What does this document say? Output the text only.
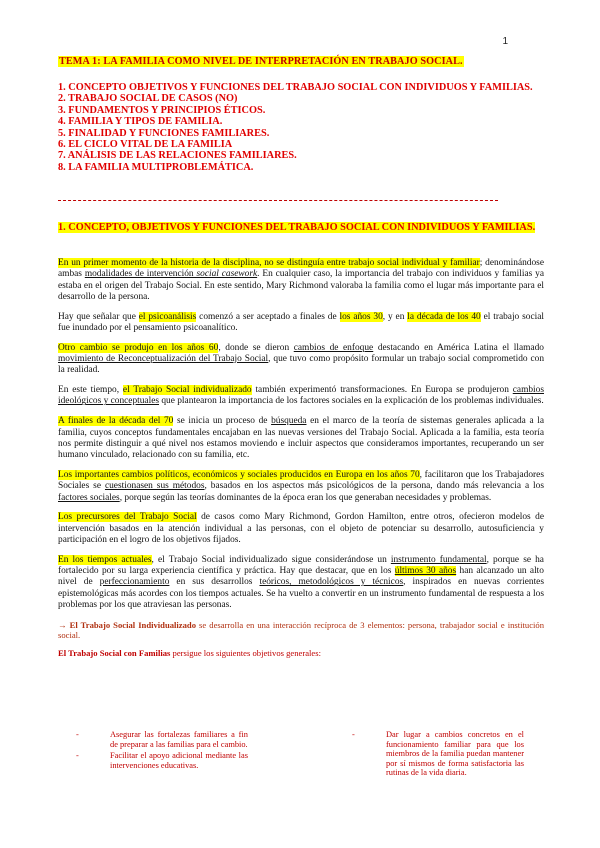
1
TEMA 1: LA FAMILIA COMO NIVEL DE INTERPRETACIÓN EN TRABAJO SOCIAL.
1. CONCEPTO OBJETIVOS Y FUNCIONES DEL TRABAJO SOCIAL CON INDIVIDUOS Y FAMILIAS.
2. TRABAJO SOCIAL DE CASOS (NO)
3. FUNDAMENTOS Y PRINCIPIOS ÉTICOS.
4. FAMILIA Y TIPOS DE FAMILIA.
5. FINALIDAD Y FUNCIONES FAMILIARES.
6. EL CICLO VITAL DE LA FAMILIA
7. ANÁLISIS DE LAS RELACIONES FAMILIARES.
8. LA FAMILIA MULTIPROBLEMÁTICA.
1. CONCEPTO, OBJETIVOS Y FUNCIONES DEL TRABAJO SOCIAL CON INDIVIDUOS Y FAMILIAS.

En un primer momento de la historia de la disciplina, no se distinguía entre trabajo social individual y familiar; denominándose ambas modalidades de intervención social casework. En cualquier caso, la importancia del trabajo con individuos y familias ya estaba en el origen del Trabajo Social. En este sentido, Mary Richmond valoraba la familia como el lugar más importante para el desarrollo de la persona.

Hay que señalar que el psicoanálisis comenzó a ser aceptado a finales de los años 30, y en la década de los 40 el trabajo social fue inundado por el pensamiento psicoanalítico.

Otro cambio se produjo en los años 60, donde se dieron cambios de enfoque destacando en América Latina el llamado movimiento de Reconceptualización del Trabajo Social, que tuvo como propósito formular un trabajo social comprometido con la realidad.

En este tiempo, el Trabajo Social individualizado también experimentó transformaciones. En Europa se produjeron cambios ideológicos y conceptuales que plantearon la importancia de los factores sociales en la explicación de los problemas individuales.

A finales de la década del 70 se inicia un proceso de búsqueda en el marco de la teoría de sistemas generales aplicada a la familia, cuyos conceptos fundamentales encajaban en las nuevas versiones del Trabajo Social. Aplicada a la familia, esta teoría nos permite distinguir a qué nivel nos estamos moviendo e incluir aspectos que consideramos importantes, recuperando un ser humano vinculado, relacionado con su familia, etc.

Los importantes cambios políticos, económicos y sociales producidos en Europa en los años 70, facilitaron que los Trabajadores Sociales se cuestionasen sus métodos, basados en los aspectos más psicológicos de la persona, dando más relevancia a los factores sociales, porque según las teorías dominantes de la época eran los que generaban necesidades y problemas.

Los precursores del Trabajo Social de casos como Mary Richmond, Gordon Hamilton, entre otros, ofecieron modelos de intervención basados en la atención individual a las personas, con el objeto de potenciar su desarrollo, autosuficiencia y participación en el logro de los objetivos fijados.

En los tiempos actuales, el Trabajo Social individualizado sigue considerándose un instrumento fundamental, porque se ha fortalecido por su larga experiencia científica y práctica. Hay que destacar, que en los últimos 30 años han alcanzado un alto nivel de perfeccionamiento en sus desarrollos teóricos, metodológicos y técnicos, inspirados en nuevas corrientes epistemológicas más acordes con los tiempos actuales. Se ha vuelto a convertir en un instrumento fundamental de respuesta a los problemas por los que atraviesan las personas.

→ El Trabajo Social Individualizado se desarrolla en una interacción recíproca de 3 elementos: persona, trabajador social e institución social.

El Trabajo Social con Familias persigue los siguientes objetivos generales:

-	Asegurar las fortalezas familiares a fin de preparar a las familias para el cambio.
-	Facilitar el apoyo adicional mediante las intervenciones educativas.
-	Dar lugar a cambios concretos en el funcionamiento familiar para que los miembros de la familia puedan mantener por sí mismos de forma satisfactoria las rutinas de la vida diaria.
